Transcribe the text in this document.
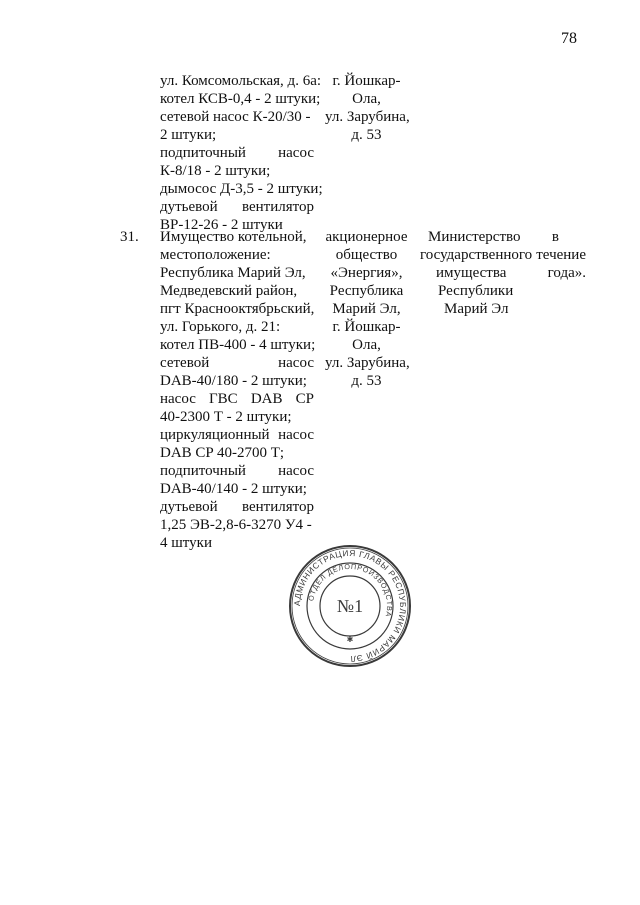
78
ул. Комсомольская, д. 6а:
котел КСВ-0,4 - 2 штуки;
сетевой насос К-20/30 -
2 штуки;
подпиточный насос
К-8/18 - 2 штуки;
дымосос Д-3,5 - 2 штуки;
дутьевой вентилятор
ВР-12-26 - 2 штуки
г. Йошкар-
Ола,
ул. Зарубина,
д. 53
31. Имущество котельной,
местоположение:
Республика Марий Эл,
Медведевский район,
пгт Краснооктябрьский,
ул. Горького, д. 21:
котел ПВ-400 - 4 штуки;
сетевой	насос
DAB-40/180 - 2 штуки;
насос ГВС DAB CP
40-2300 Т - 2 штуки;
циркуляционный насос
DAB CP 40-2700 Т;
подпиточный насос
DAB-40/140 - 2 штуки;
дутьевой вентилятор
1,25 ЭВ-2,8-6-3270 У4 -
4 штуки
акционерное
общество
«Энергия»,
Республика
Марий Эл,
г. Йошкар-
Ола,
ул. Зарубина,
д. 53
Министерство в
государственного течение
имущества	года».
Республики
Марий Эл
АДМИНИСТРАЦИЯ ГЛАВЫ РЕСПУБЛИКИ МАРИЙ ЭЛ
ОТДЕЛ ДЕЛОПРОИЗВОДСТВА
№1
✱
